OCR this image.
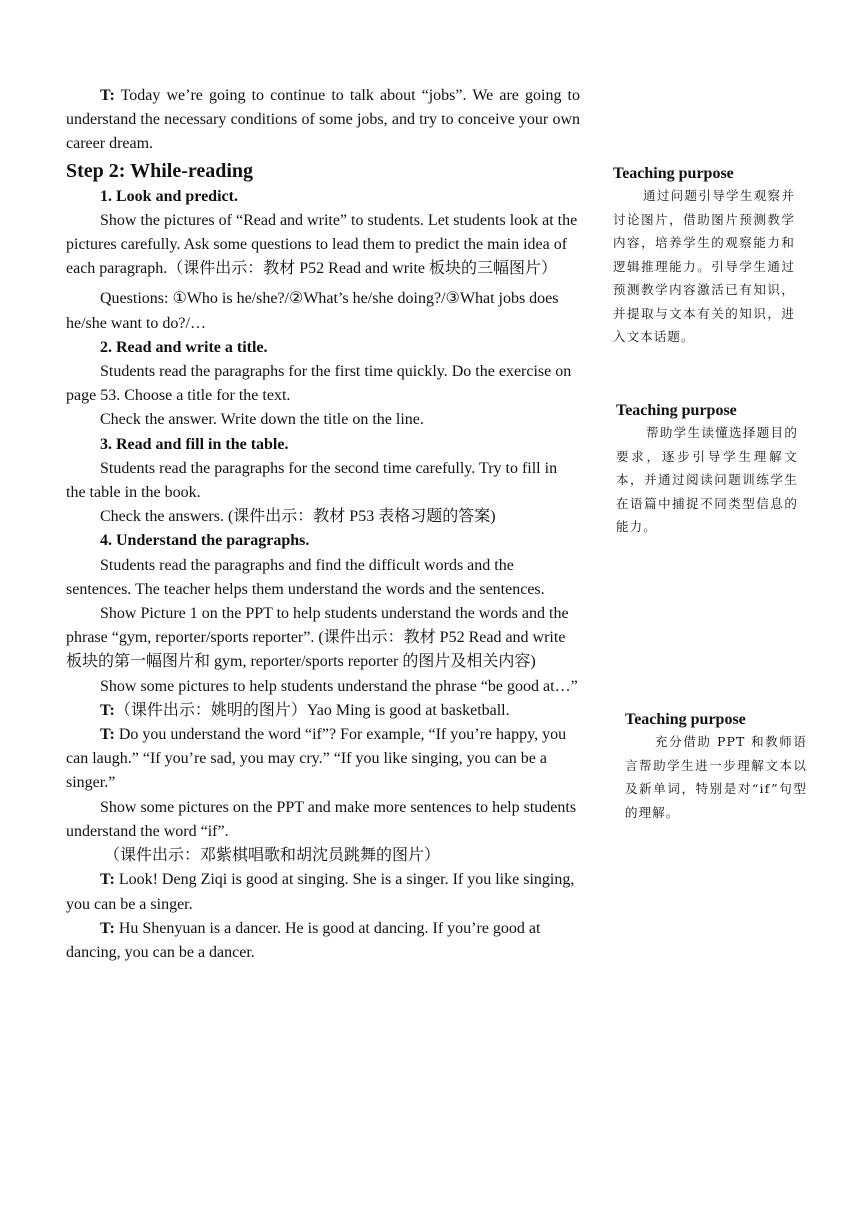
T: Today we’re going to continue to talk about “jobs”. We are going to understand the necessary conditions of some jobs, and try to conceive your own career dream.

Step 2: While-reading

1. Look and predict.

Show the pictures of “Read and write” to students. Let students look at the pictures carefully. Ask some questions to lead them to predict the main idea of each paragraph.（课件出示：教材 P52 Read and write 板块的三幅图片）

Questions: ①Who is he/she?/②What’s he/she doing?/③What jobs does he/she want to do?/…

2. Read and write a title.

Students read the paragraphs for the first time quickly. Do the exercise on page 53. Choose a title for the text.

Check the answer. Write down the title on the line.

3. Read and fill in the table.

Students read the paragraphs for the second time carefully. Try to fill in the table in the book.

Check the answers. (课件出示：教材 P53 表格习题的答案)

4. Understand the paragraphs.

Students read the paragraphs and find the difficult words and the sentences. The teacher helps them understand the words and the sentences.

Show Picture 1 on the PPT to help students understand the words and the phrase “gym, reporter/sports reporter”. (课件出示：教材 P52 Read and write 板块的第一幅图片和 gym, reporter/sports reporter 的图片及相关内容)

Show some pictures to help students understand the phrase “be good at…”

T:（课件出示：姚明的图片）Yao Ming is good at basketball.

T: Do you understand the word “if”? For example, “If you’re happy, you can laugh.” “If you’re sad, you may cry.” “If you like singing, you can be a singer.”

Show some pictures on the PPT and make more sentences to help students understand the word “if”.

（课件出示：邓紫棋唱歌和胡沈员跳舞的图片）

T: Look! Deng Ziqi is good at singing. She is a singer. If you like singing, you can be a singer.

T: Hu Shenyuan is a dancer. He is good at dancing. If you’re good at dancing, you can be a dancer.

Teaching purpose

通过问题引导学生观察并讨论图片，借助图片预测教学内容，培养学生的观察能力和逻辑推理能力。引导学生通过预测教学内容激活已有知识，并提取与文本有关的知识，进入文本话题。

Teaching purpose

帮助学生读懂选择题目的要求，逐步引导学生理解文本，并通过阅读问题训练学生在语篇中捕捉不同类型信息的能力。

Teaching purpose

充分借助 PPT 和教师语言帮助学生进一步理解文本以及新单词，特别是对“if”句型的理解。
